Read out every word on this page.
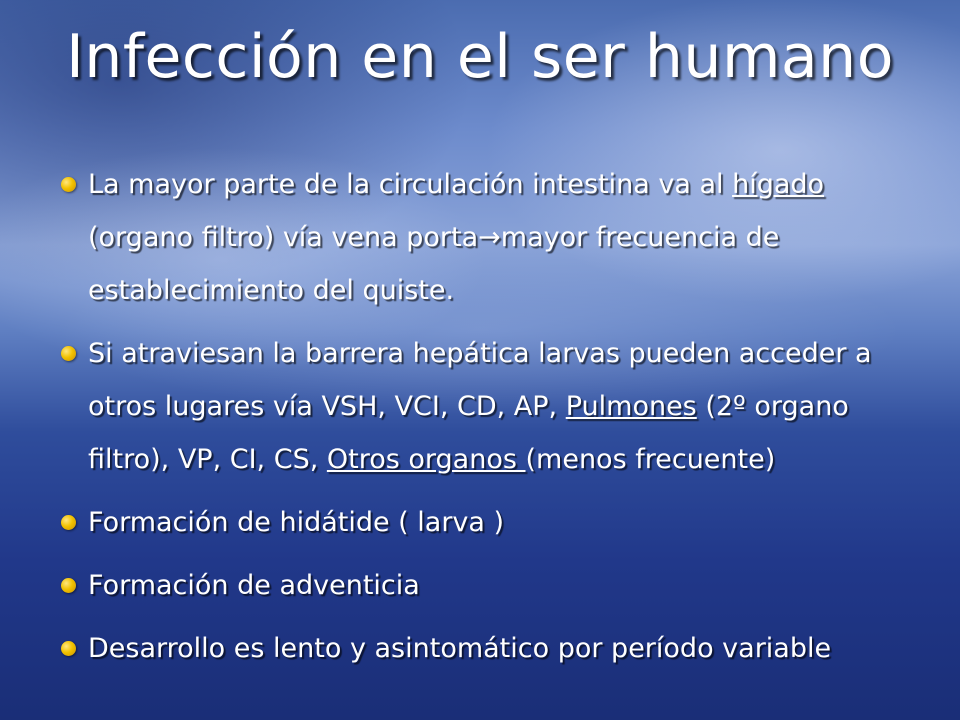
Infección en el ser humano
La mayor parte de la circulación intestina va al hígado (organo filtro) vía vena porta→mayor frecuencia de establecimiento del quiste.
Si atraviesan la barrera hepática larvas pueden acceder a otros lugares vía VSH, VCI, CD, AP, Pulmones (2º organo filtro), VP, CI, CS, Otros organos (menos frecuente)
Formación de hidátide ( larva )
Formación de adventicia
Desarrollo es lento y asintomático por período variable
